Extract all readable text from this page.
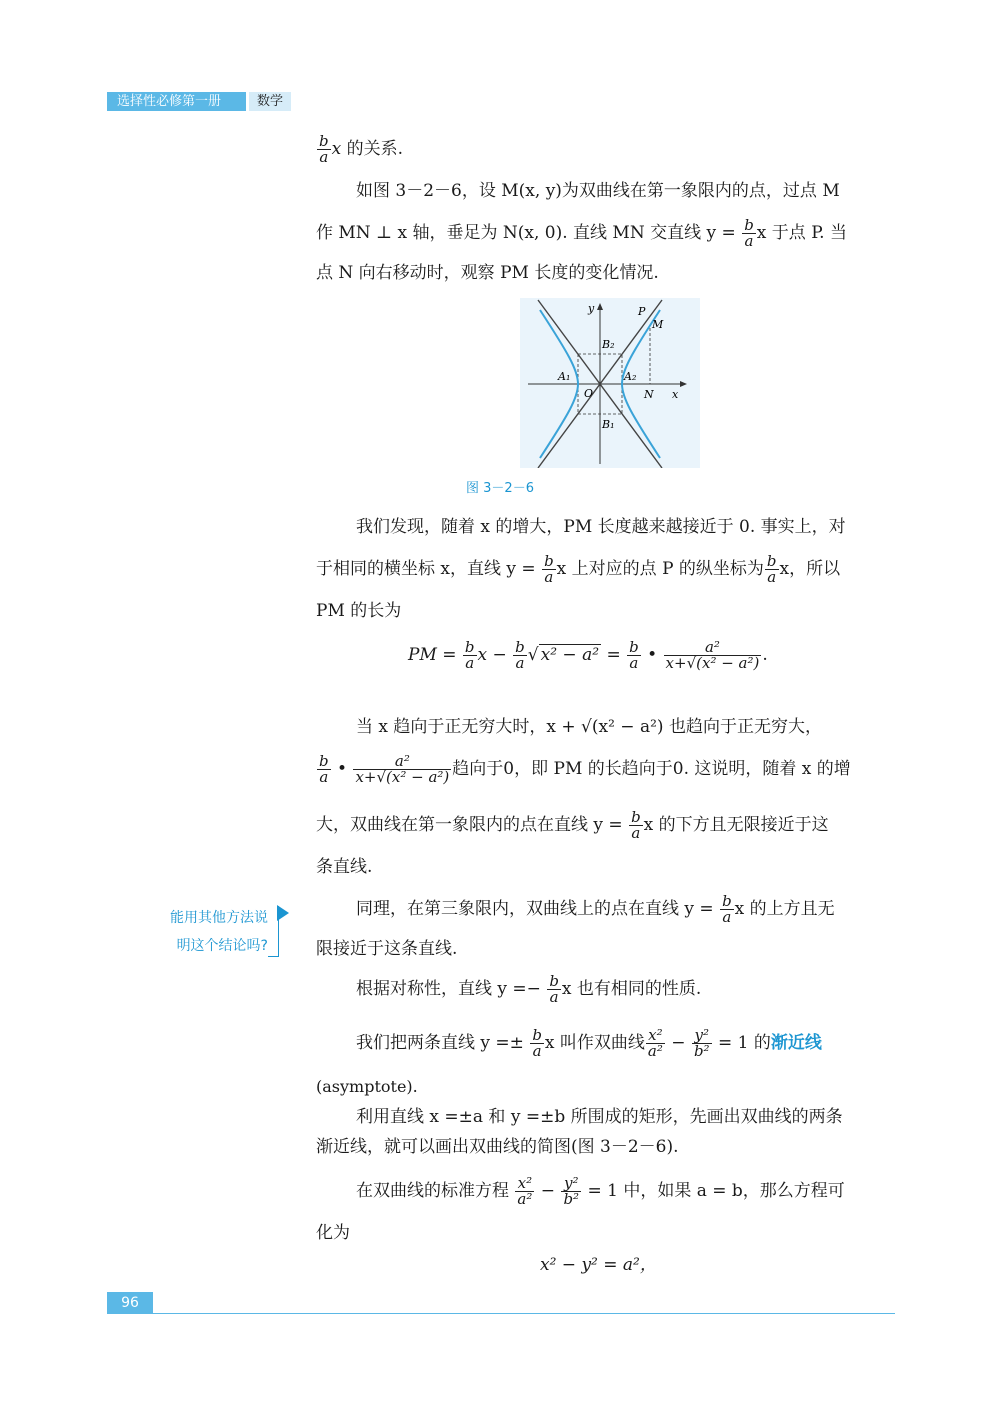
选择性必修第一册	数学
$\frac{b}{a}$ x 的关系.
如图 3－2－6，设 M(x, y)为双曲线在第一象限内的点，过点 M
作 MN ⊥ x 轴，垂足为 N(x, 0). 直线 MN 交直线 $y = \frac{b}{a}$ x 于点 P. 当
点 N 向右移动时，观察 PM 长度的变化情况.
y
x
P
M
B₂
B₁
A₁	A₂
O	N
图 3－2－6
我们发现，随着 x 的增大，PM 长度越来越接近于 0. 事实上，对
于相同的横坐标 x，直线 $y = \frac{b}{a}$ x 上对应的点 P 的纵坐标为 $\frac{b}{a}$ x，所以
PM 的长为
PM = $\frac{b}{a}$ $x - \frac{b}{a}$ √ $x^2 - a^2 = \frac{b}{a}$ • $\frac{\text{a²}}{\text{x+√(x² − a²)}}$ .
当 x 趋向于正无穷大时，x + √(x² − a²) 也趋向于正无穷大，
$\frac{b}{a}$ • $\frac{\text{a²}}{\text{x+√(x² − a²)}}$ 趋向于0，即 PM 的长趋向于0. 这说明，随着 x 的增
大，双曲线在第一象限内的点在直线 $y = \frac{b}{a}$ x 的下方且无限接近于这
条直线.
能用其他方法说
明这个结论吗?
同理，在第三象限内，双曲线上的点在直线 $y = \frac{b}{a}$ x 的上方且无
限接近于这条直线.
根据对称性，直线 $y =- \frac{b}{a}$ x 也有相同的性质.
我们把两条直线 $y =\pm \frac{b}{a}$ x 叫作双曲线 $\frac{\text{x²}}{\text{a²}} - \frac{\text{y²}}{\text{b²}} = 1$ 的渐近线
(asymptote).
利用直线 x =±a 和 y =±b 所围成的矩形，先画出双曲线的两条
渐近线，就可以画出双曲线的简图(图 3－2－6).
在双曲线的标准方程 $\frac{\text{x²}}{\text{a²}} - \frac{\text{y²}}{\text{b²}} = 1$ 中，如果 a = b，那么方程可
化为
x² − y² = a²，
96
